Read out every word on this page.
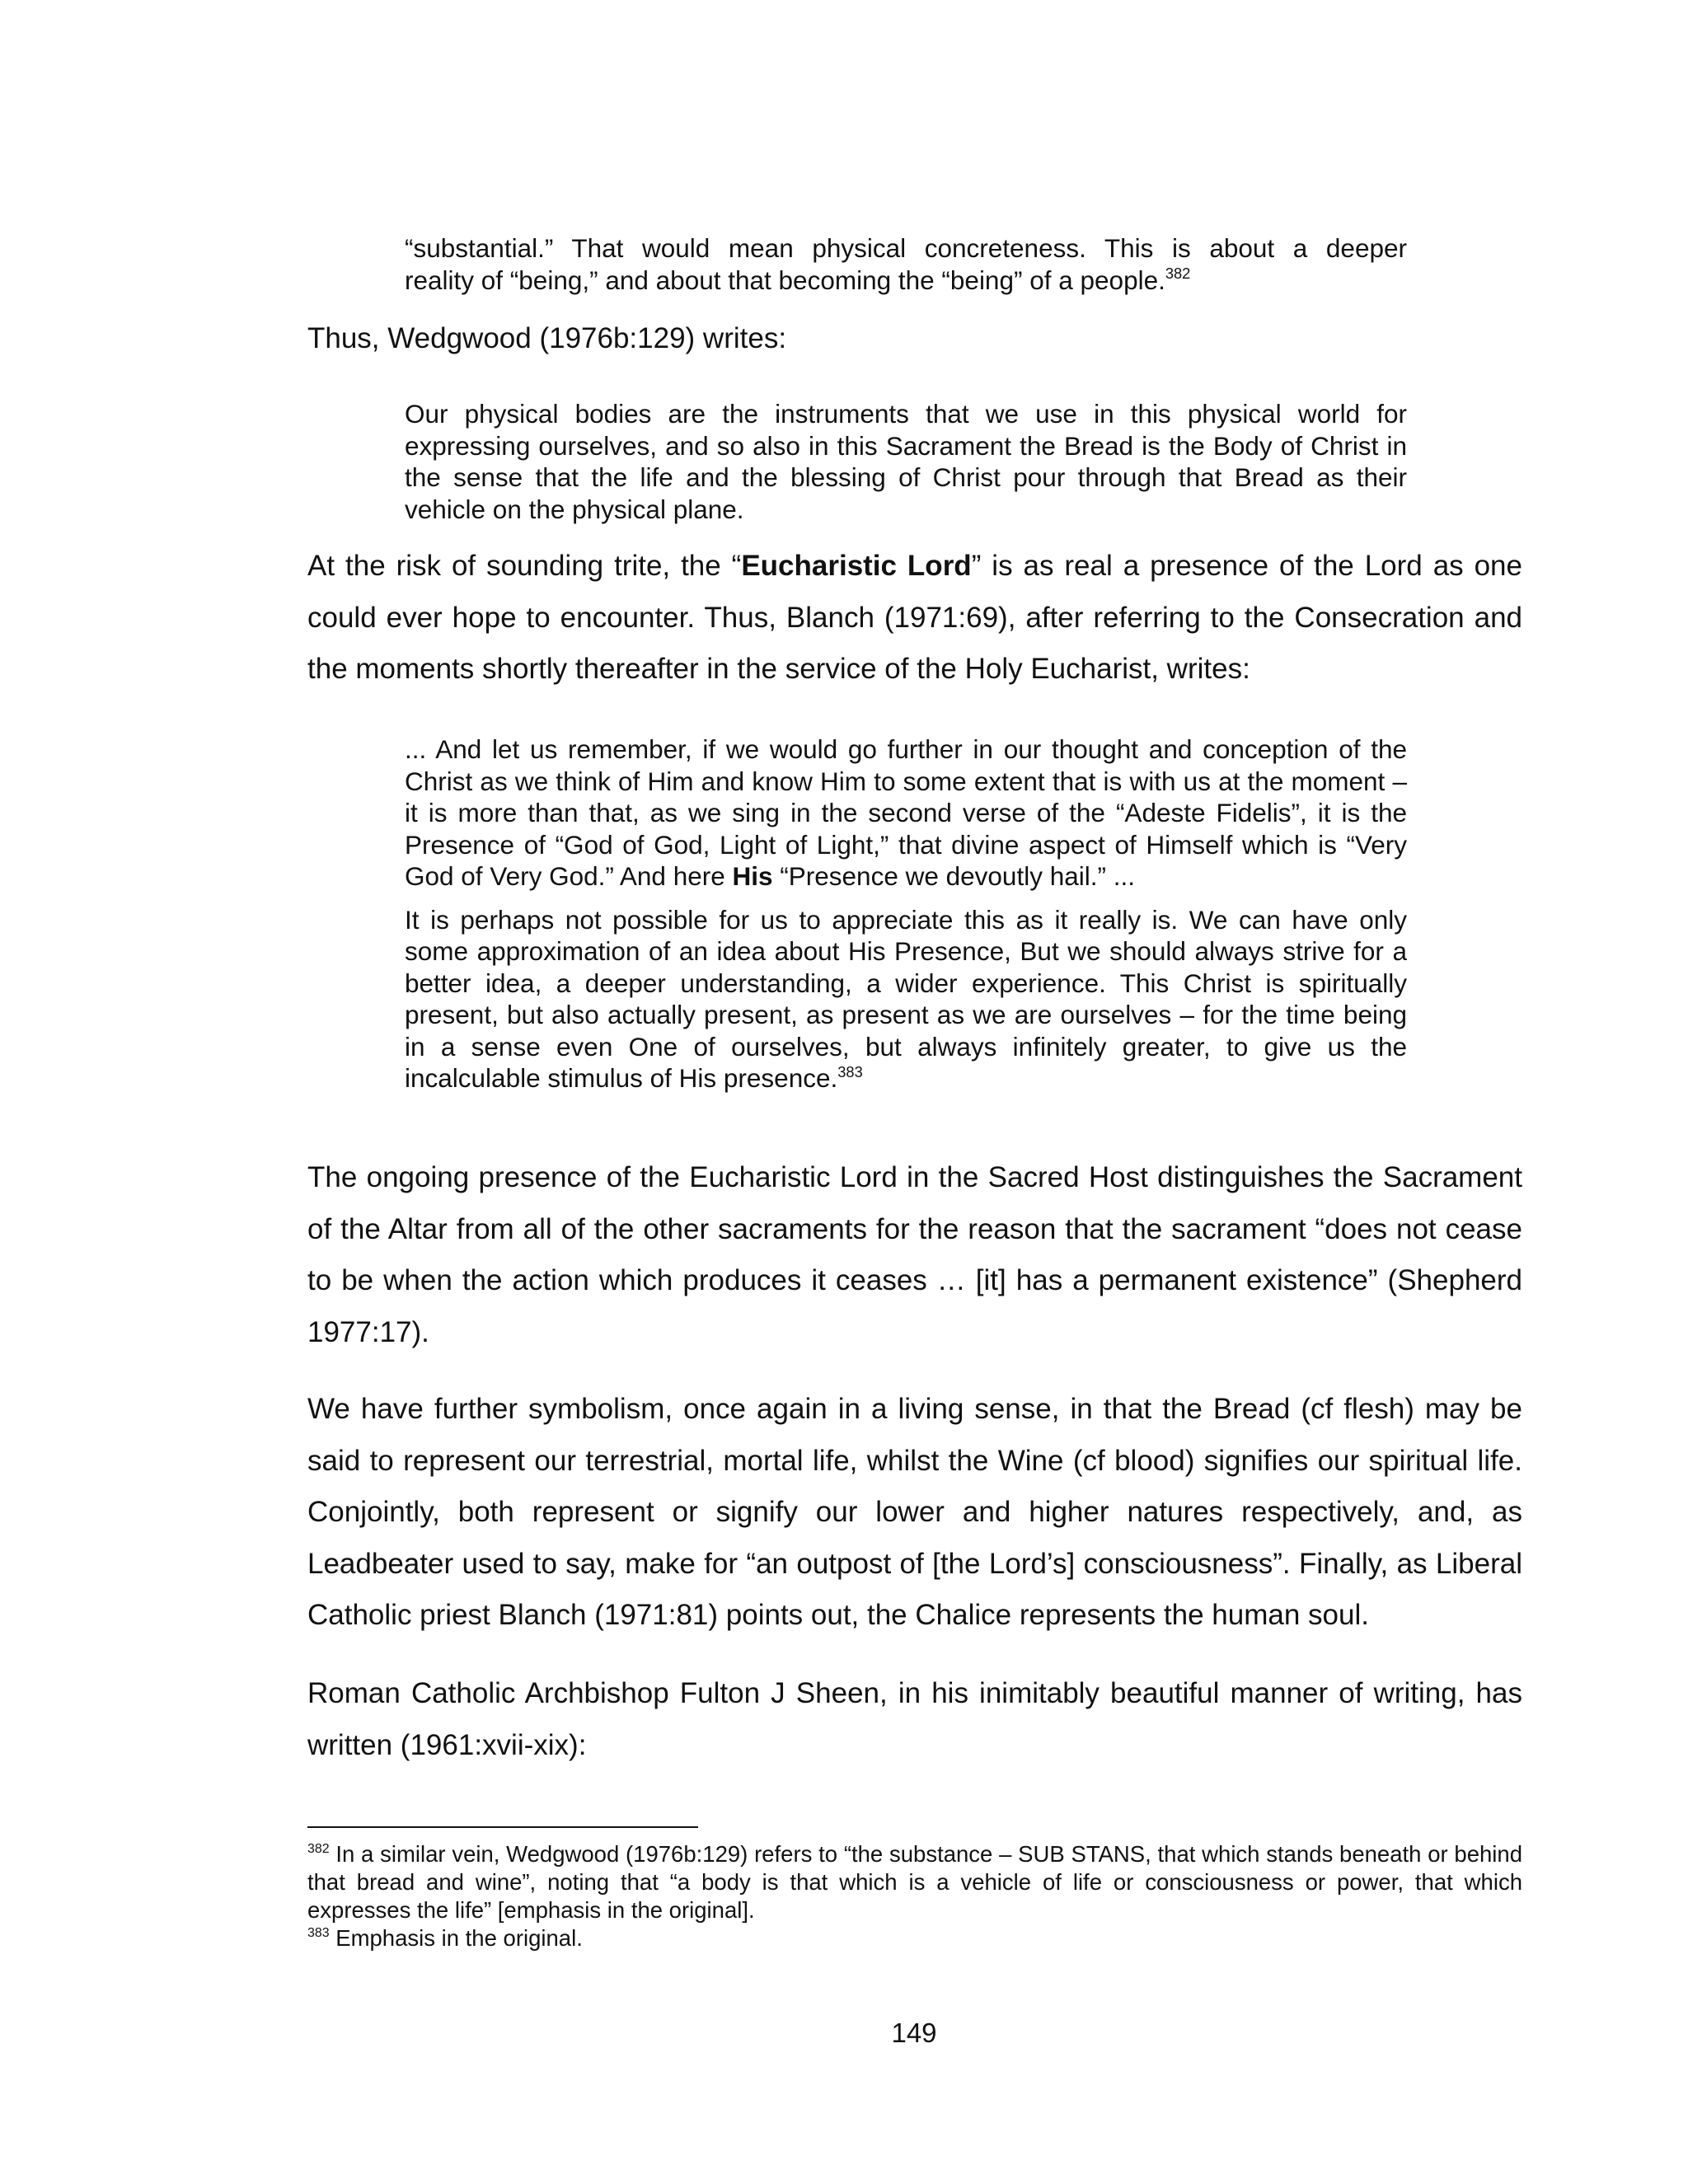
“substantial.” That would mean physical concreteness. This is about a deeper

reality of “being,” and about that becoming the “being” of a people.$^{382}$

Thus, Wedgwood (1976b:129) writes:

Our physical bodies are the instruments that we use in this physical world for expressing ourselves, and so also in this Sacrament the Bread is the Body of Christ in the sense that the life and the blessing of Christ pour through that Bread as their vehicle on the physical plane.

At the risk of sounding trite, the “Eucharistic Lord” is as real a presence of the Lord as one could ever hope to encounter. Thus, Blanch (1971:69), after referring to the Consecration and the moments shortly thereafter in the service of the Holy Eucharist, writes:

... And let us remember, if we would go further in our thought and conception of the Christ as we think of Him and know Him to some extent that is with us at the moment – it is more than that, as we sing in the second verse of the “Adeste Fidelis”, it is the Presence of “God of God, Light of Light,” that divine aspect of Himself which is “Very God of Very God.” And here His “Presence we devoutly hail.” ...

It is perhaps not possible for us to appreciate this as it really is. We can have only some approximation of an idea about His Presence, But we should always strive for a better idea, a deeper understanding, a wider experience. This Christ is spiritually present, but also actually present, as present as we are ourselves – for the time being in a sense even One of ourselves, but always infinitely greater, to give us the incalculable stimulus of His presence.$^{383}$

The ongoing presence of the Eucharistic Lord in the Sacred Host distinguishes the Sacrament of the Altar from all of the other sacraments for the reason that the sacrament “does not cease to be when the action which produces it ceases … [it] has a permanent existence” (Shepherd 1977:17).

We have further symbolism, once again in a living sense, in that the Bread (cf flesh) may be said to represent our terrestrial, mortal life, whilst the Wine (cf blood) signifies our spiritual life. Conjointly, both represent or signify our lower and higher natures respectively, and, as Leadbeater used to say, make for “an outpost of [the Lord’s] consciousness”. Finally, as Liberal Catholic priest Blanch (1971:81) points out, the Chalice represents the human soul.

Roman Catholic Archbishop Fulton J Sheen, in his inimitably beautiful manner of writing, has written (1961:xvii-xix):

$^{382}$ In a similar vein, Wedgwood (1976b:129) refers to “the substance – SUB STANS, that which stands beneath or behind that bread and wine”, noting that “a body is that which is a vehicle of life or consciousness or power, that which expresses the life” [emphasis in the original].

$^{383}$ Emphasis in the original.

149
